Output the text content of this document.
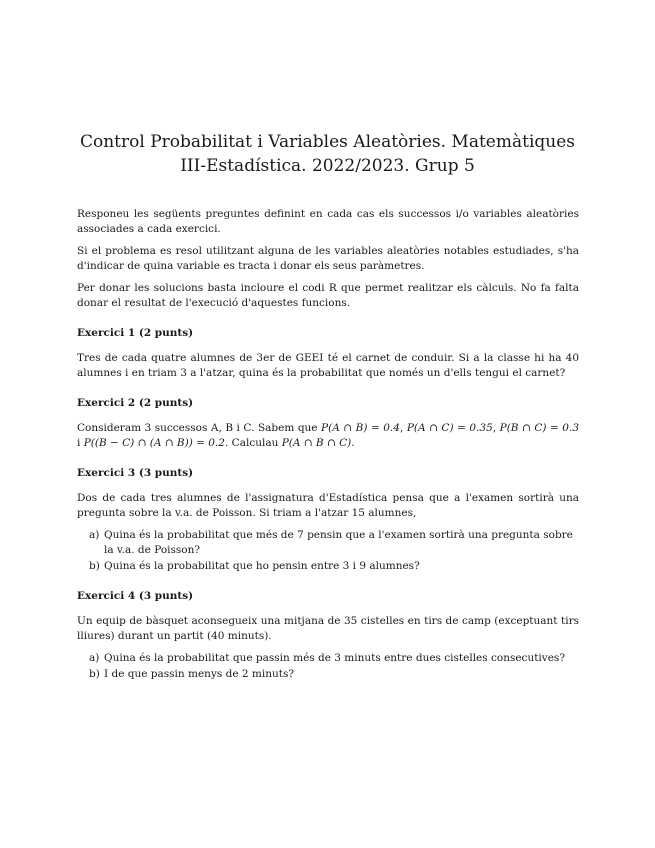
Control Probabilitat i Variables Aleatòries. Matemàtiques
III-Estadística. 2022/2023. Grup 5

Responeu les següents preguntes definint en cada cas els successos i/o variables aleatòries associades a cada exercici.

Si el problema es resol utilitzant alguna de les variables aleatòries notables estudiades, s'ha d'indicar de quina variable es tracta i donar els seus paràmetres.

Per donar les solucions basta incloure el codi R que permet realitzar els càlculs. No fa falta donar el resultat de l'execució d'aquestes funcions.

Exercici 1 (2 punts)

Tres de cada quatre alumnes de 3er de GEEI té el carnet de conduir. Si a la classe hi ha 40 alumnes i en triam 3 a l'atzar, quina és la probabilitat que només un d'ells tengui el carnet?

Exercici 2 (2 punts)

Consideram 3 successos A, B i C. Sabem que P(A ∩ B) = 0.4, P(A ∩ C) = 0.35, P(B ∩ C) = 0.3 i P((B − C) ∩ (A ∩ B)) = 0.2. Calculau P(A ∩ B ∩ C).

Exercici 3 (3 punts)

Dos de cada tres alumnes de l'assignatura d'Estadística pensa que a l'examen sortirà una pregunta sobre la v.a. de Poisson. Si triam a l'atzar 15 alumnes,

a) Quina és la probabilitat que més de 7 pensin que a l'examen sortirà una pregunta sobre la v.a. de Poisson?
b) Quina és la probabilitat que ho pensin entre 3 i 9 alumnes?
Exercici 4 (3 punts)

Un equip de bàsquet aconsegueix una mitjana de 35 cistelles en tirs de camp (exceptuant tirs lliures) durant un partit (40 minuts).

a) Quina és la probabilitat que passin més de 3 minuts entre dues cistelles consecutives?
b) I de que passin menys de 2 minuts?
